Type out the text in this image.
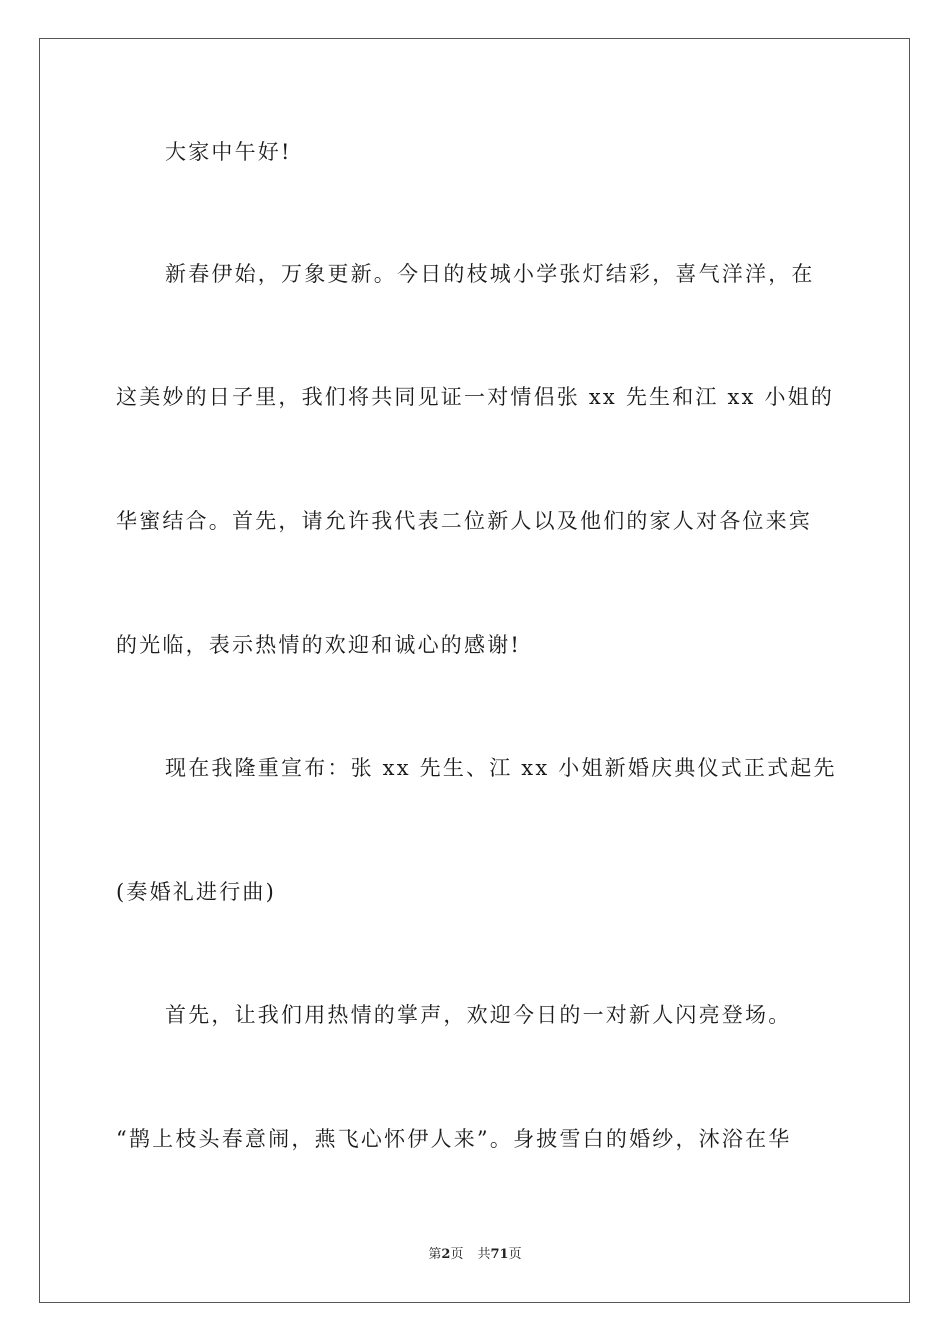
大家中午好!
新春伊始，万象更新。今日的枝城小学张灯结彩，喜气洋洋，在
这美妙的日子里，我们将共同见证一对情侣张 xx 先生和江 xx 小姐的
华蜜结合。首先，请允许我代表二位新人以及他们的家人对各位来宾
的光临，表示热情的欢迎和诚心的感谢!
现在我隆重宣布：张 xx 先生、江 xx 小姐新婚庆典仪式正式起先
(奏婚礼进行曲)
首先，让我们用热情的掌声，欢迎今日的一对新人闪亮登场。
“鹊上枝头春意闹，燕飞心怀伊人来”。身披雪白的婚纱，沐浴在华
第2页 共71页
